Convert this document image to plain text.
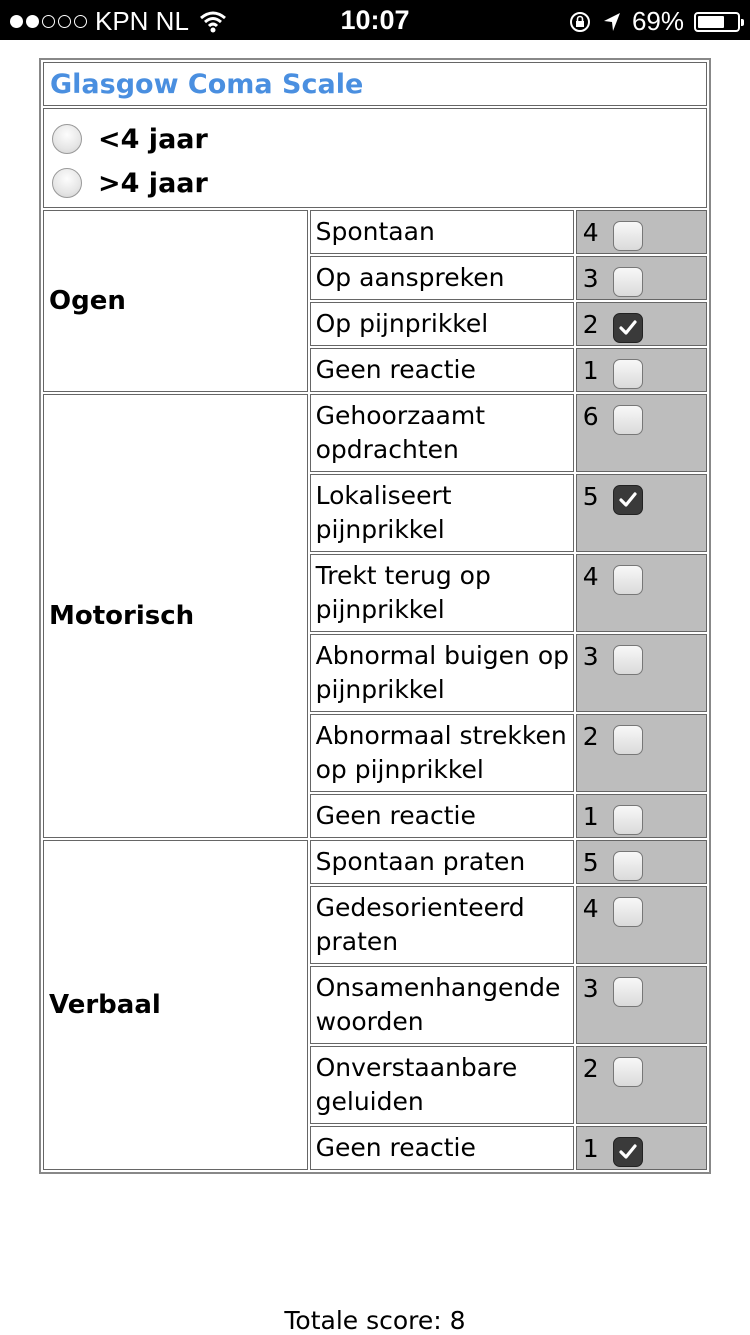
KPN NL	10:07	69%
Glasgow Coma Scale		

<4 jaar
>4 jaar		

Ogen	Spontaan	4

	Op aanspreken	3

	Op pijnprikkel	2

	Geen reactie	1

Motorisch	Gehoorzaamt opdrachten	6

	Lokaliseert pijnprikkel	5

	Trekt terug op pijnprikkel	4

	Abnormal buigen op pijnprikkel	3

	Abnormaal strekken op pijnprikkel	2

	Geen reactie	1

Verbaal	Spontaan praten	5

	Gedesorienteerd praten	4

	Onsamenhangende woorden	3

	Onverstaanbare geluiden	2

	Geen reactie	1
Totale score: 8
